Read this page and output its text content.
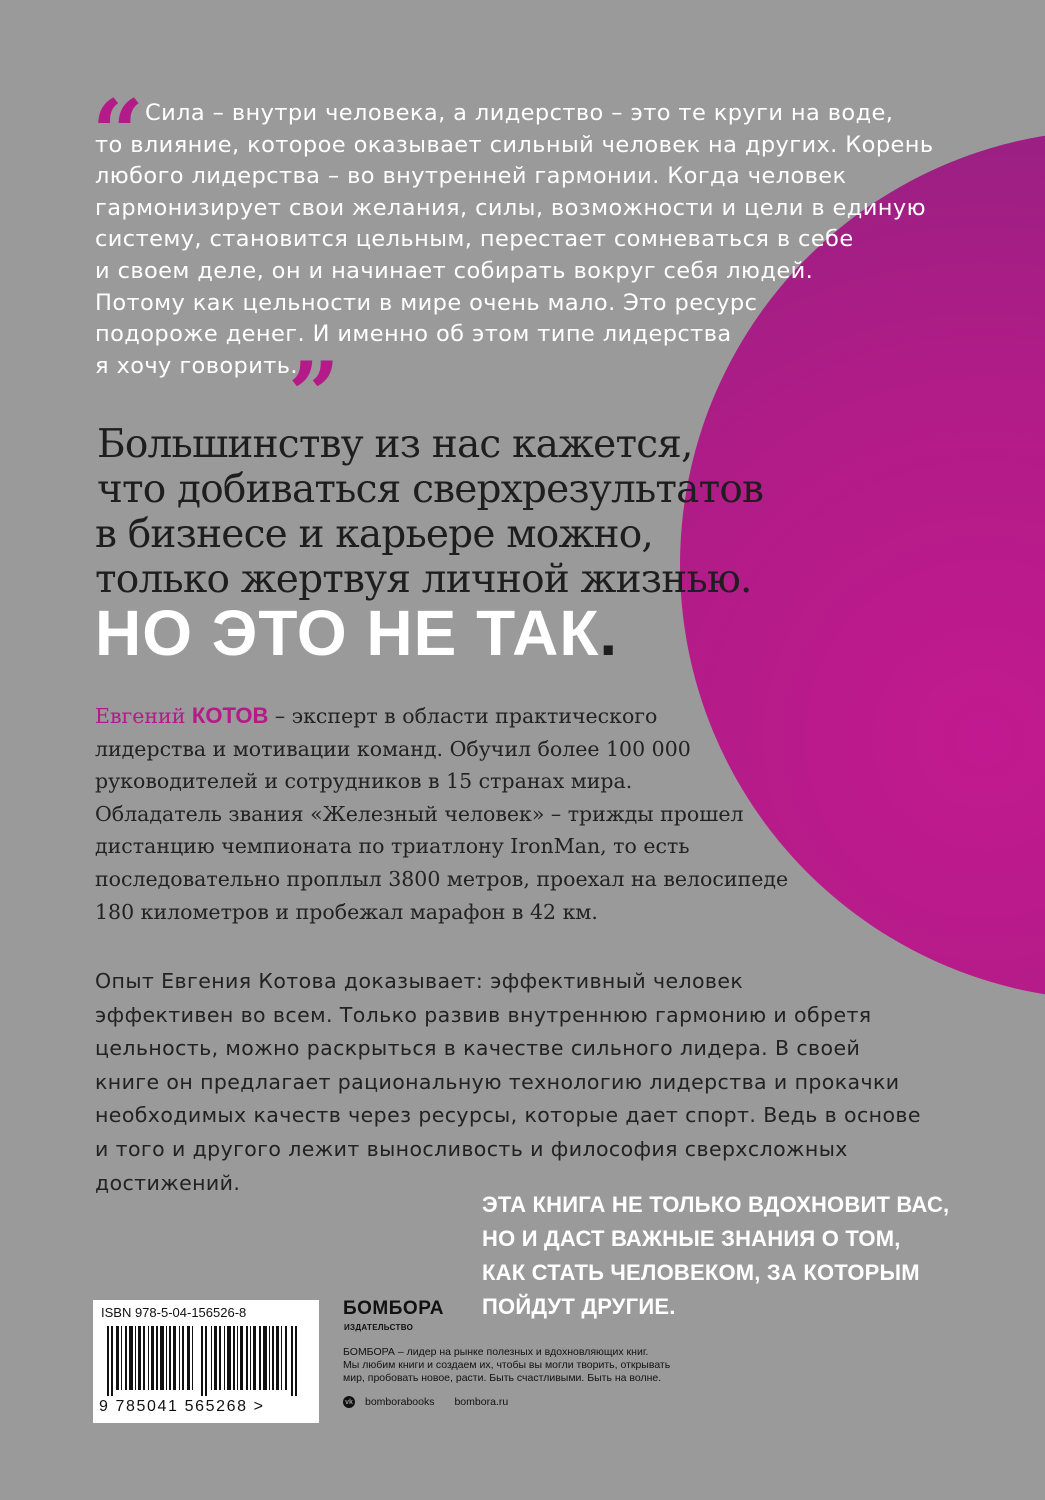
“ Сила – внутри человека, а лидерство – это те круги на воде,

то влияние, которое оказывает сильный человек на других. Корень
любого лидерства – во внутренней гармонии. Когда человек
гармонизирует свои желания, силы, возможности и цели в единую
систему, становится цельным, перестает сомневаться в себе
и своем деле, он и начинает собирать вокруг себя людей.
Потому как цельности в мире очень мало. Это ресурс
подороже денег. И именно об этом типе лидерства
я хочу говорить.
”
Большинству из нас кажется,
что добиваться сверхрезультатов
в бизнесе и карьере можно,
только жертвуя личной жизнью.
НО ЭТО НЕ ТАК.
Евгений КОТОВ – эксперт в области практического
лидерства и мотивации команд. Обучил более 100 000
руководителей и сотрудников в 15 странах мира.
Обладатель звания «Железный человек» – трижды прошел
дистанцию чемпионата по триатлону IronMan, то есть
последовательно проплыл 3800 метров, проехал на велосипеде
180 километров и пробежал марафон в 42 км.
Опыт Евгения Котова доказывает: эффективный человек
эффективен во всем. Только развив внутреннюю гармонию и обретя
цельность, можно раскрыться в качестве сильного лидера. В своей
книге он предлагает рациональную технологию лидерства и прокачки
необходимых качеств через ресурсы, которые дает спорт. Ведь в основе
и того и другого лежит выносливость и философия сверхсложных
достижений.
ЭТА КНИГА НЕ ТОЛЬКО ВДОХНОВИТ ВАС,
НО И ДАСТ ВАЖНЫЕ ЗНАНИЯ О ТОМ,
КАК СТАТЬ ЧЕЛОВЕКОМ, ЗА КОТОРЫМ
ПОЙДУТ ДРУГИЕ.
ISBN 978-5-04-156526-8
9 785041 565268 >
БОМБОРА
ИЗДАТЕЛЬСТВО
БОМБОРА – лидер на рынке полезных и вдохновляющих книг.
Мы любим книги и создаем их, чтобы вы могли творить, открывать
мир, пробовать новое, расти. Быть счастливыми. Быть на волне.
vk bomborabooks bombora.ru
